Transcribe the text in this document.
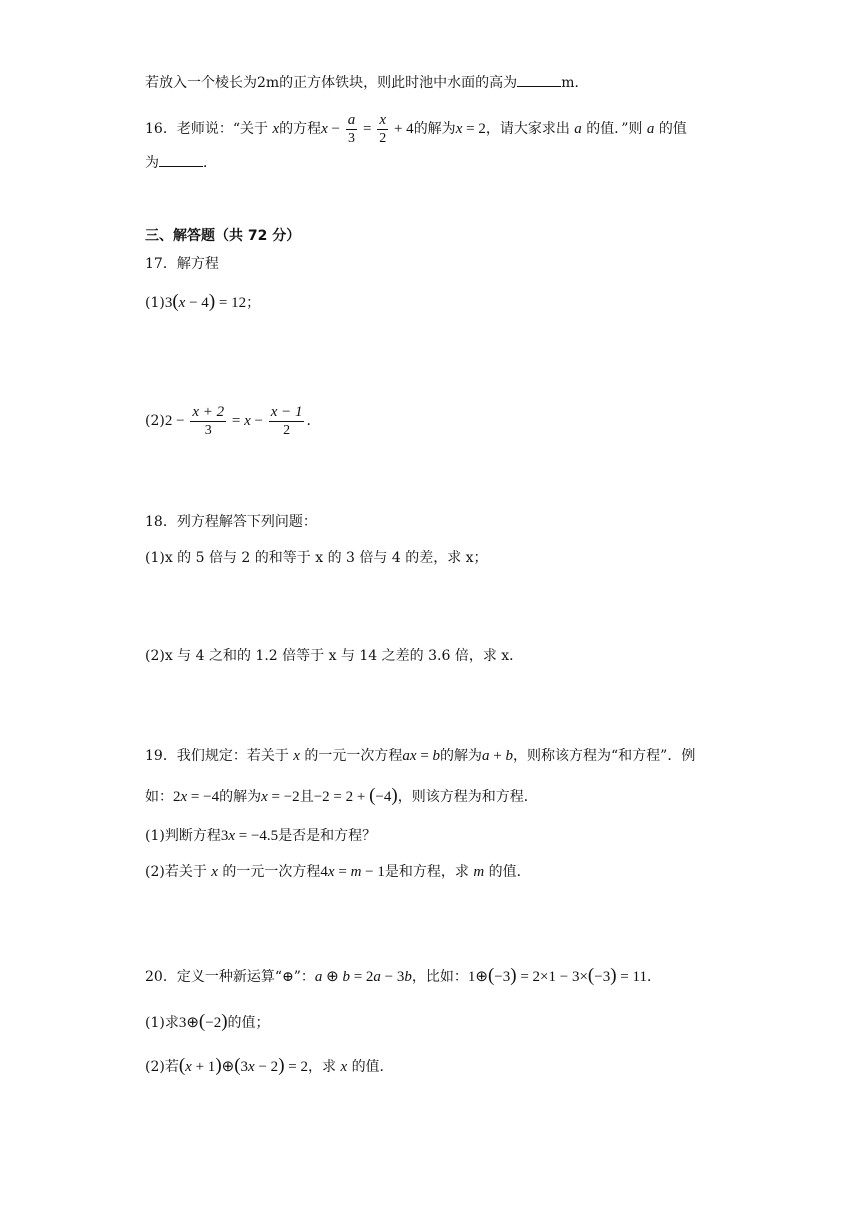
若放入一个棱长为2m的正方体铁块，则此时池中水面的高为	m．
16．老师说：“关于 x的方程$x - \frac{a}{3} = \frac{x}{2} + 4$的解为x = 2，请大家求出 a 的值．”则 a 的值
为	．
三、解答题（共 72 分）
17．解方程
(1)3(x − 4) = 12；
$(2)2 - \frac{x + 2}{3} = x - \frac{x - 1}{2}$ ．
18．列方程解答下列问题：
(1)x 的 5 倍与 2 的和等于 x 的 3 倍与 4 的差，求 x；
(2)x 与 4 之和的 1.2 倍等于 x 与 14 之差的 3.6 倍，求 x．
19．我们规定：若关于 x 的一元一次方程ax = b的解为a + b，则称该方程为“和方程”．例
如：2x = −4的解为x = −2且−2 = 2 + (−4)，则该方程为和方程．
(1)判断方程3x = −4.5是否是和方程？
(2)若关于 x 的一元一次方程4x = m − 1是和方程，求 m 的值．
20．定义一种新运算“⊕”：a ⊕ b = 2a − 3b，比如：1⊕(−3) = 2×1 − 3×(−3) = 11．
(1)求3⊕(−2)的值；
(2)若(x + 1)⊕(3x − 2) = 2，求 x 的值．
